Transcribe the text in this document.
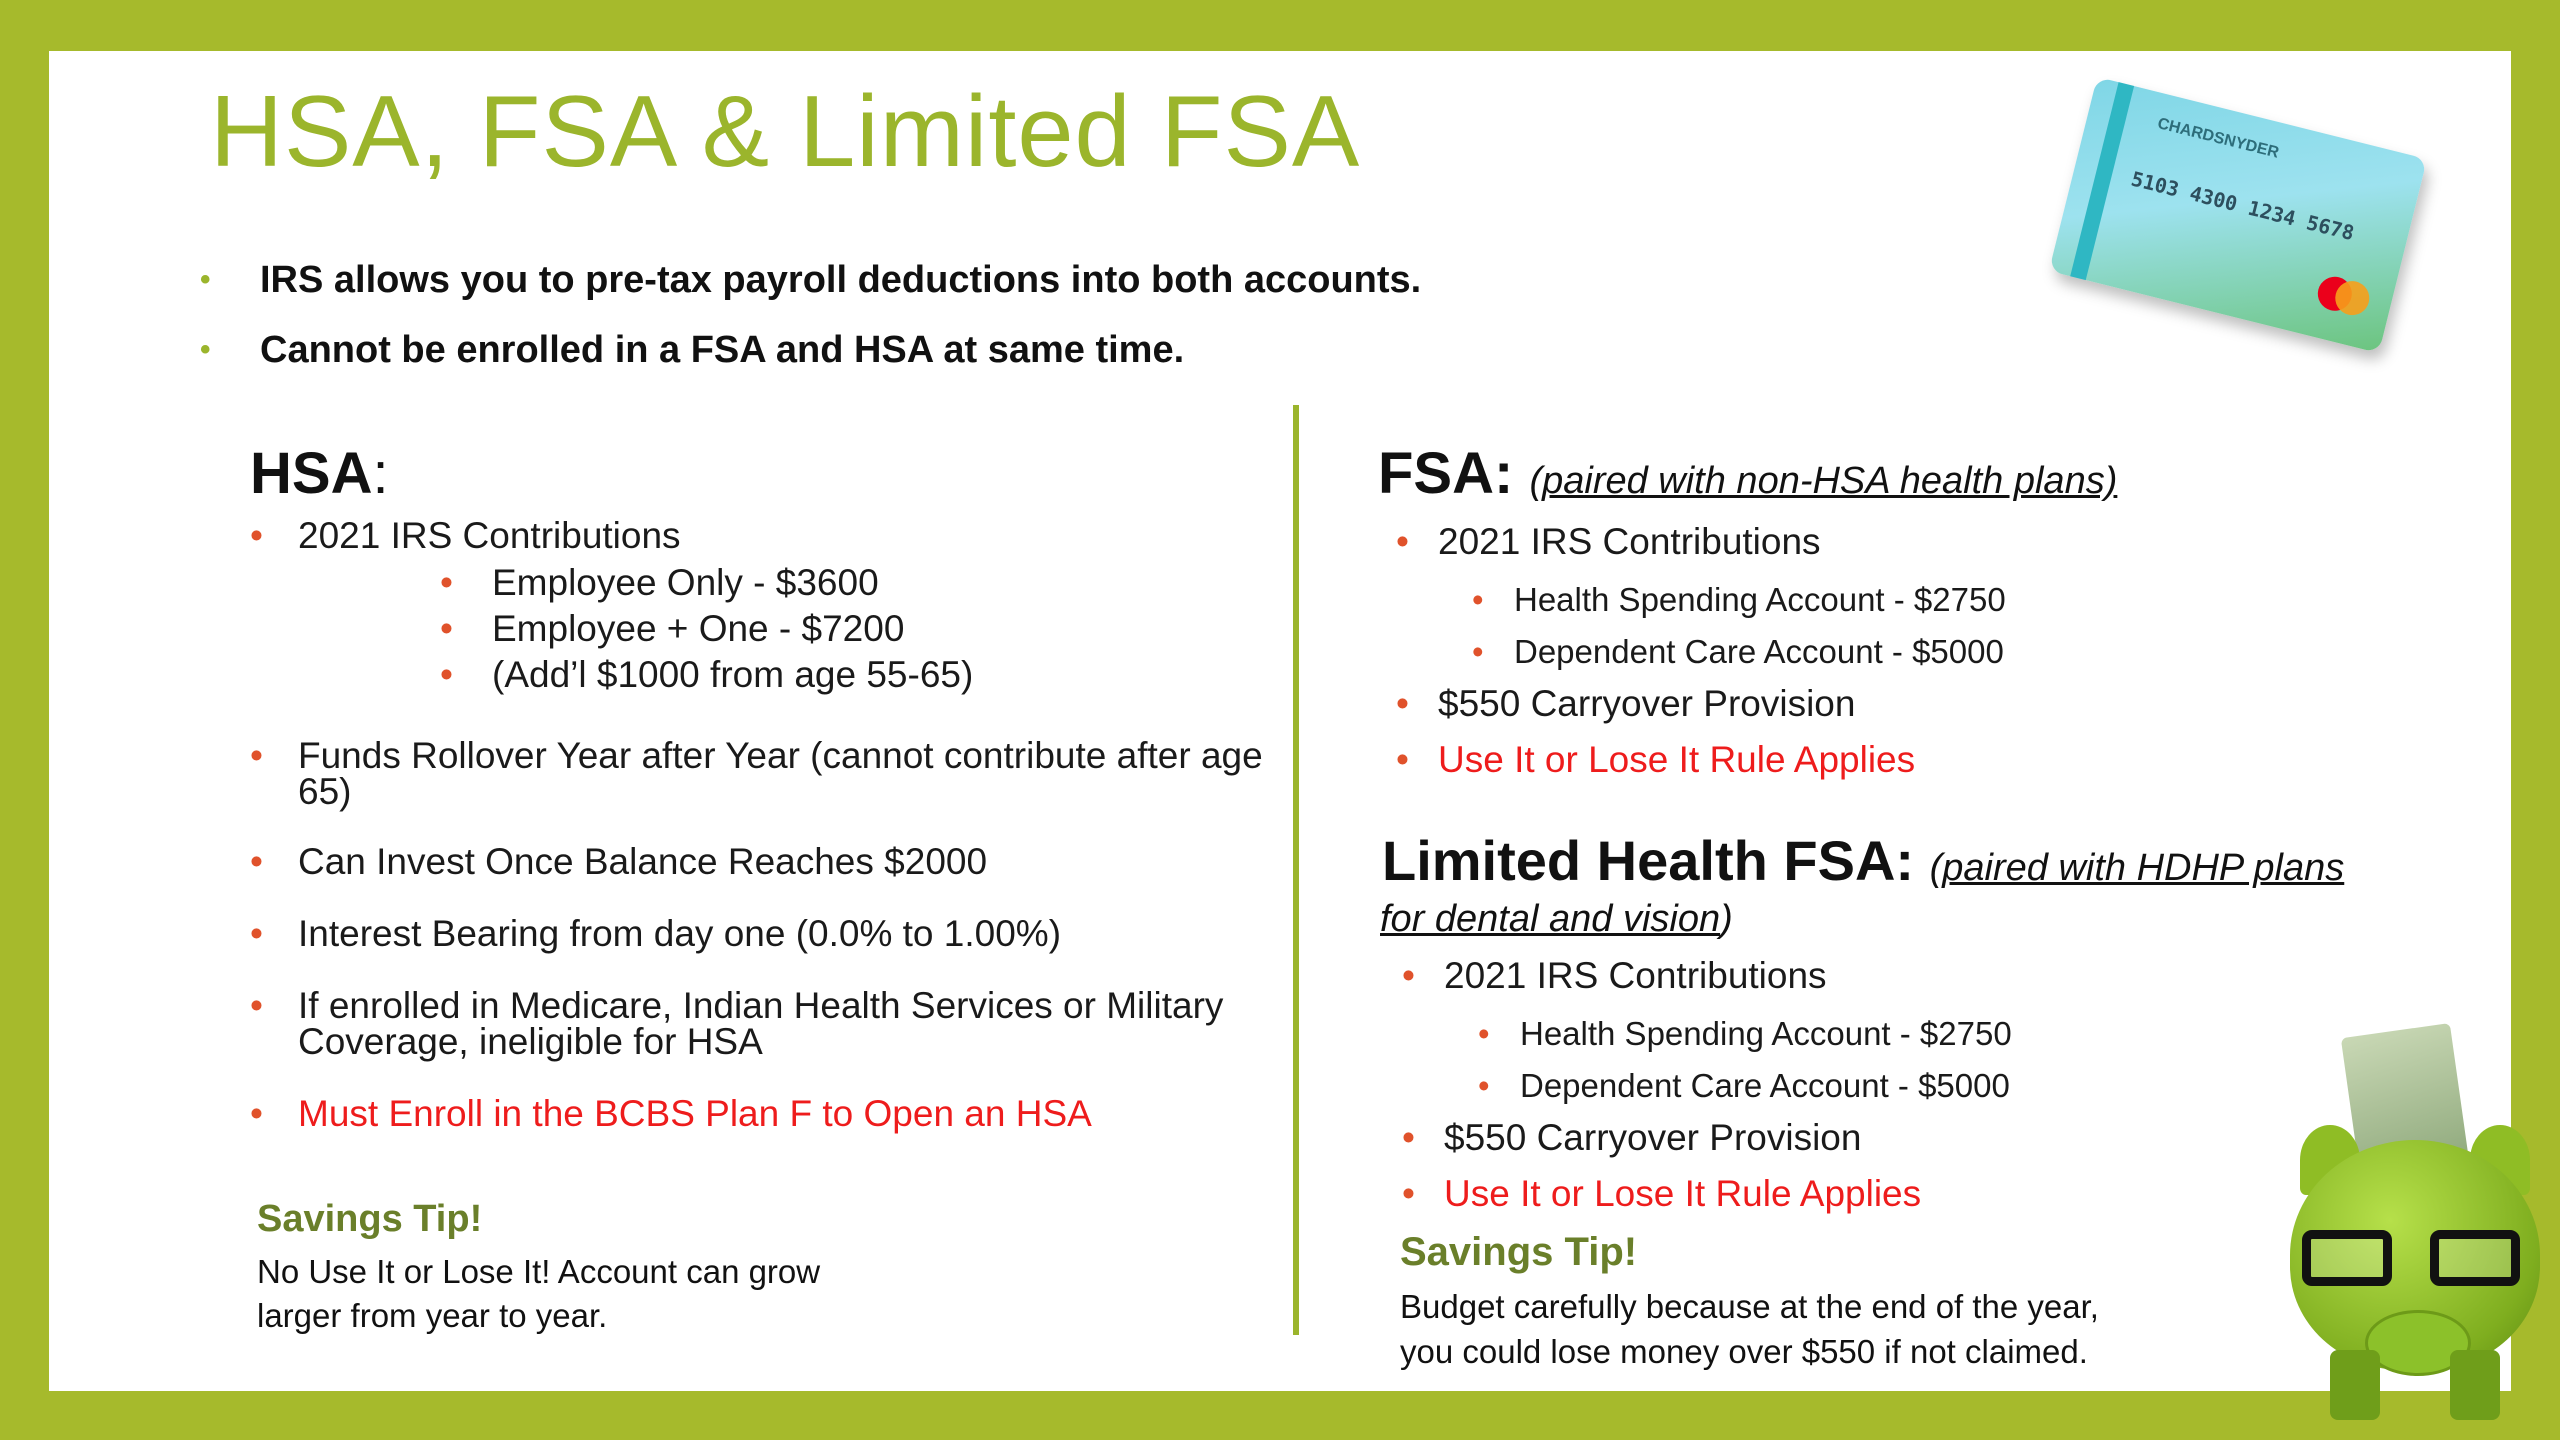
HSA, FSA & Limited FSA
• IRS allows you to pre-tax payroll deductions into both accounts.
• Cannot be enrolled in a FSA and HSA at same time.
HSA:
• 2021 IRS Contributions
• Employee Only - $3600
• Employee + One - $7200
• (Add’l $1000 from age 55-65)
• Funds Rollover Year after Year (cannot contribute after age
65)
• Can Invest Once Balance Reaches $2000
• Interest Bearing from day one (0.0% to 1.00%)
• If enrolled in Medicare, Indian Health Services or Military
Coverage, ineligible for HSA
• Must Enroll in the BCBS Plan F to Open an HSA

Savings Tip!

No Use It or Lose It! Account can grow
larger from year to year.

FSA: (paired with non-HSA health plans)
• 2021 IRS Contributions
• Health Spending Account - $2750
• Dependent Care Account - $5000
• $550 Carryover Provision
• Use It or Lose It Rule Applies
Limited Health FSA: (paired with HDHP plans

for dental and vision)

• 2021 IRS Contributions
• Health Spending Account - $2750
• Dependent Care Account - $5000
• $550 Carryover Provision
• Use It or Lose It Rule Applies

Savings Tip!

Budget carefully because at the end of the year,
you could lose money over $550 if not claimed.

CHARDSNYDER
5103 4300 1234 5678
